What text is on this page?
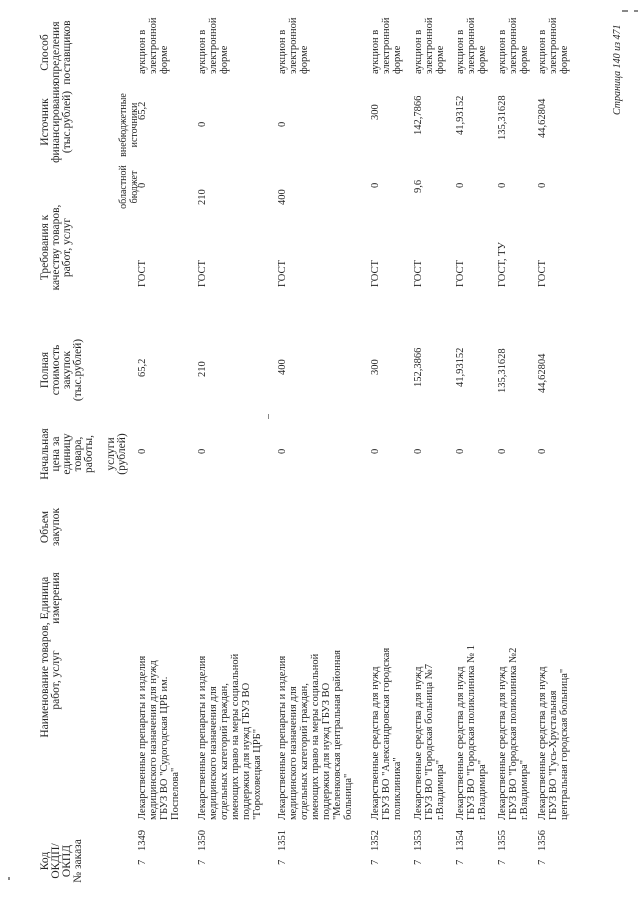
Код
ОКДП/
ОКПД
№ заказа
Наименование товаров,
работ, услуг
Единица
измерения
Объем
закупок
Начальная
цена за
единицу
товара,
работы,

услуги
(рублей)
Полная
стоимость
закупок
(тыс.рублей)
Требования к
качеству товаров,
работ, услуг
Источник
финансирования
(тыс.рублей)
областной
бюджет
внебюджетные
источники
Способ
определения
поставщиков
7
1349
Лекарственные препараты и изделия
медицинского назначения для нужд
ГБУЗ ВО "Судогодская ЦРБ им.
Поспелова"
0
65,2
ГОСТ
0
65,2
аукцион в
электронной
форме
7
1350
Лекарственные препараты и изделия
медицинского назначения для
отдельных категорий граждан,
имеющих право на меры социальной
поддержки для нужд ГБУЗ ВО
"Гороховецкая ЦРБ"
0
210
ГОСТ
210
0
аукцион в
электронной
форме
7
1351
Лекарственные препараты и изделия
медицинского назначения для
отдельных категорий граждан,
имеющих право на меры социальной
поддержки для нужд ГБУЗ ВО
"Меленковская центральная районная
больница"
0
400
ГОСТ
400
0
аукцион в
электронной
форме
7
1352
Лекарственные средства для нужд
ГБУЗ ВО "Александровская городская
поликлиника"
0
300
ГОСТ
0
300
аукцион в
электронной
форме
7
1353
Лекарственные средства для нужд
ГБУЗ ВО "Городская больница №7
г.Владимира"
0
152,3866
ГОСТ
9,6
142,7866
аукцион в
электронной
форме
7
1354
Лекарственные средства для нужд
ГБУЗ ВО "Городская поликлиника № 1
г.Владимира"
0
41,93152
ГОСТ
0
41,93152
аукцион в
электронной
форме
7
1355
Лекарственные средства для нужд
ГБУЗ ВО "Городская поликлиника №2
г.Владимира"
0
135,31628
ГОСТ, ТУ
0
135,31628
аукцион в
электронной
форме
7
1356
Лекарственные средства для нужд
ГБУЗ ВО "Гусь-Хрустальная
центральная городская больница"
0
44,62804
ГОСТ
0
44,62804
аукцион в
электронной
форме	Страница 140 из 471
